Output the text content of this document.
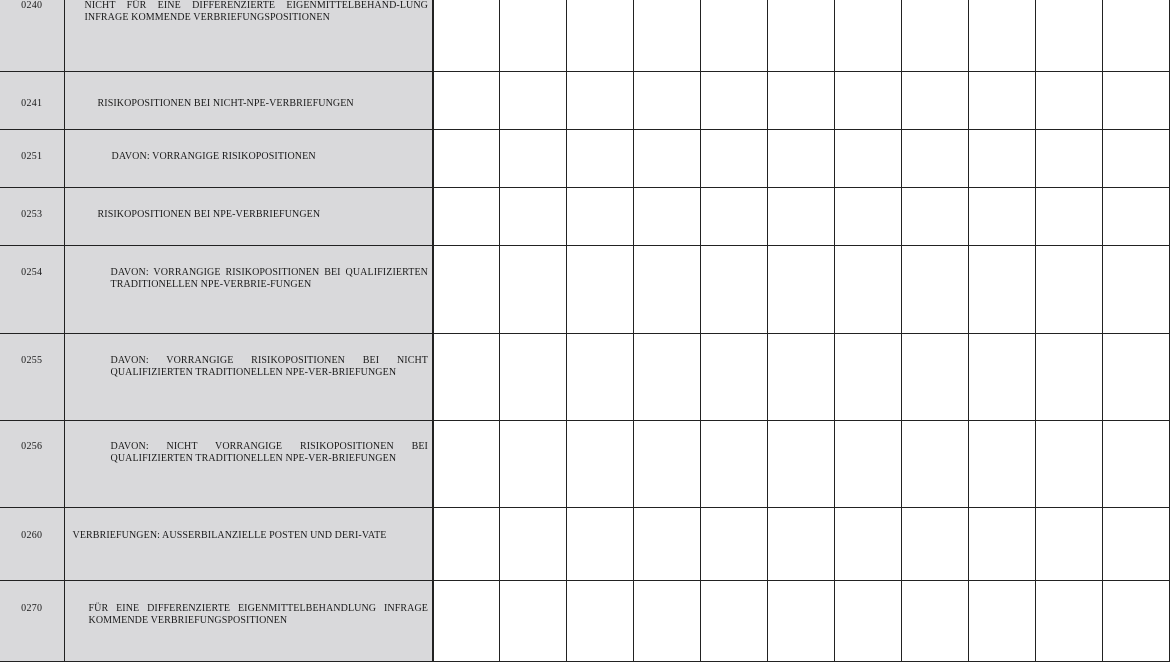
0240	NICHT FÜR EINE DIFFERENZIERTE EIGENMITTELBEHAND-LUNG INFRAGE KOMMENDE VERBRIEFUNGSPOSITIONEN												

0241	RISIKOPOSITIONEN BEI NICHT-NPE-VERBRIEFUNGEN												

0251	DAVON: VORRANGIGE RISIKOPOSITIONEN												

0253	RISIKOPOSITIONEN BEI NPE-VERBRIEFUNGEN												

0254	DAVON: VORRANGIGE RISIKOPOSITIONEN BEI QUALIFIZIERTEN TRADITIONELLEN NPE-VERBRIE-FUNGEN												

0255	DAVON: VORRANGIGE RISIKOPOSITIONEN BEI NICHT QUALIFIZIERTEN TRADITIONELLEN NPE-VER-BRIEFUNGEN												

0256	DAVON: NICHT VORRANGIGE RISIKOPOSITIONEN BEI QUALIFIZIERTEN TRADITIONELLEN NPE-VER-BRIEFUNGEN												

0260	VERBRIEFUNGEN: AUSSERBILANZIELLE POSTEN UND DERI-VATE												

0270	FÜR EINE DIFFERENZIERTE EIGENMITTELBEHANDLUNG INFRAGE KOMMENDE VERBRIEFUNGSPOSITIONEN												
